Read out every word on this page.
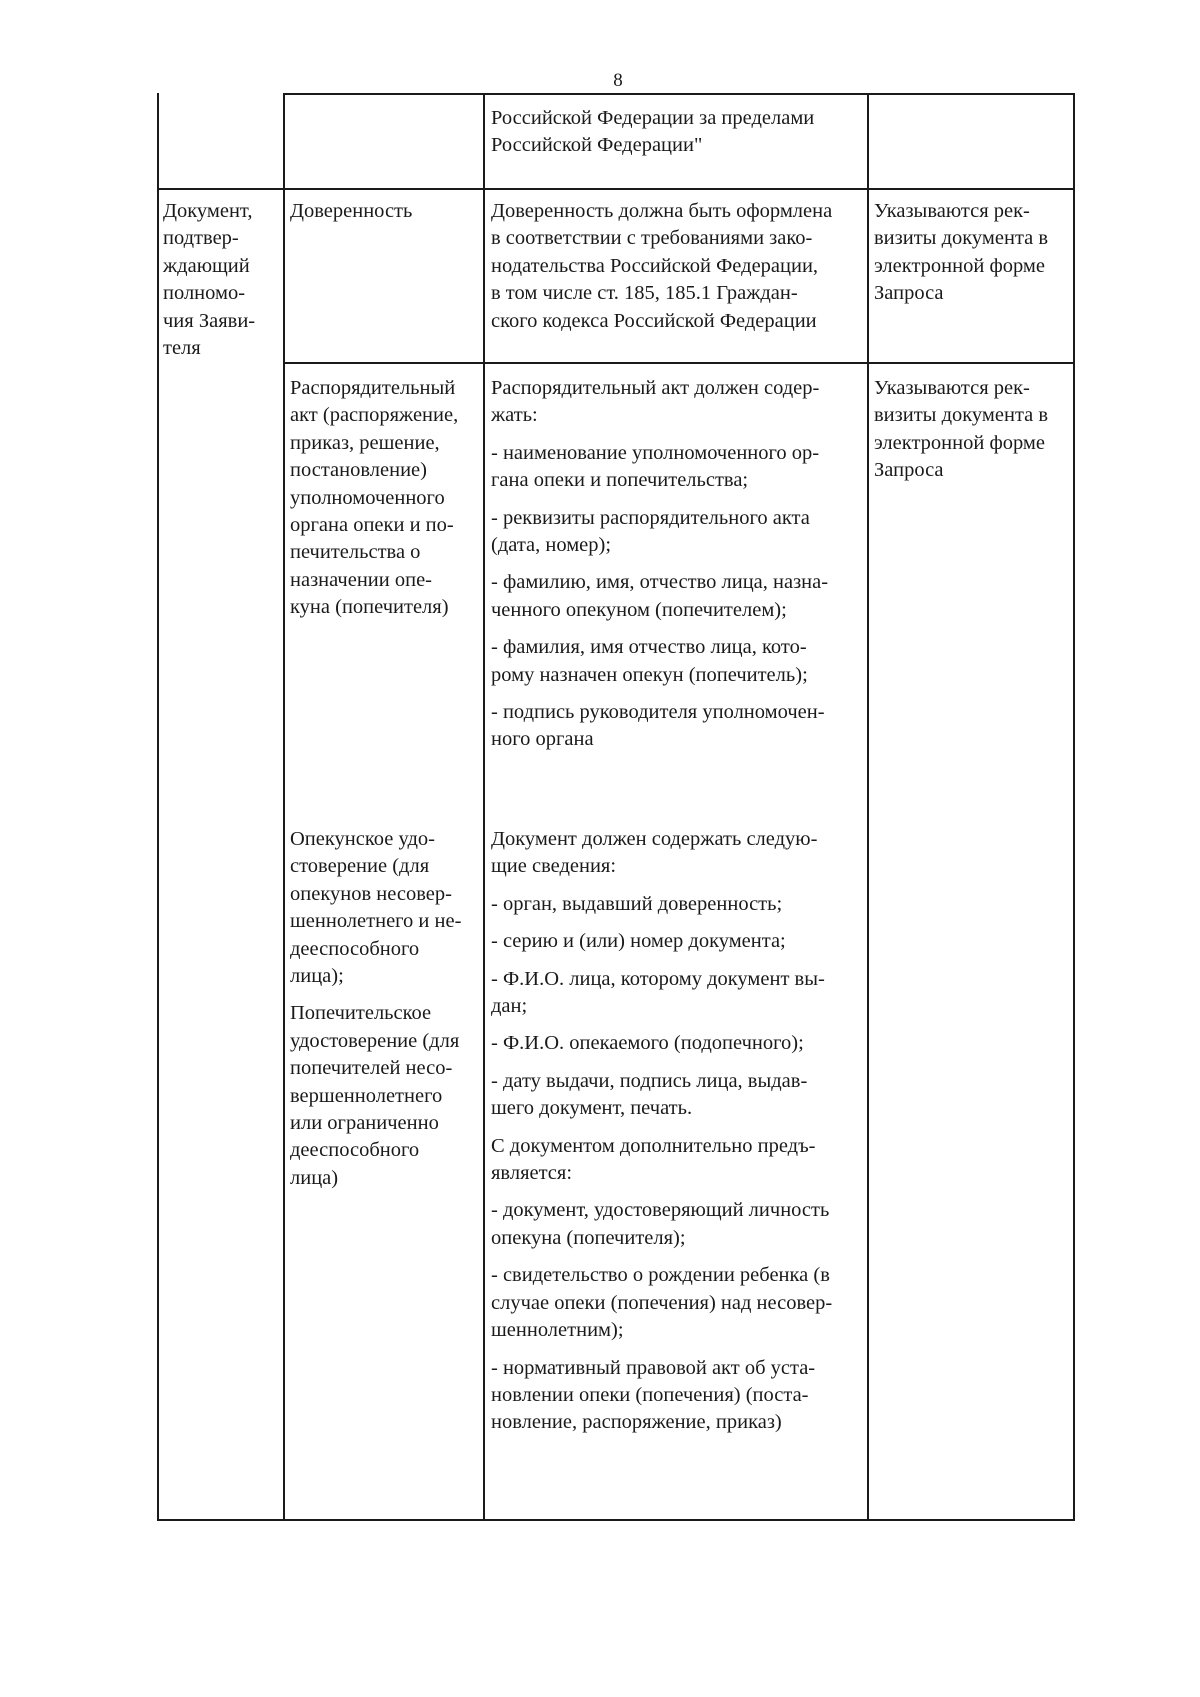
8
Российской Федерации за пределами
Российской Федерации"
Документ,
подтвер-
ждающий
полномо-
чия Заяви-
теля
Доверенность	Доверенность должна быть оформлена
в соответствии с требованиями зако-
нодательства Российской Федерации,
в том числе ст. 185, 185.1 Граждан-
ского кодекса Российской Федерации
Указываются рек-
визиты документа в
электронной форме
Запроса
Распорядительный
акт (распоряжение,
приказ, решение,
постановление)
уполномоченного
органа опеки и по-
печительства о
назначении опе-
куна (попечителя)

Распорядительный акт должен содер-
жать:

- наименование уполномоченного ор-
гана опеки и попечительства;

- реквизиты распорядительного акта
(дата, номер);

- фамилию, имя, отчество лица, назна-
ченного опекуном (попечителем);

- фамилия, имя отчество лица, кото-
рому назначен опекун (попечитель);

- подпись руководителя уполномочен-
ного органа

Указываются рек-
визиты документа в
электронной форме
Запроса

Опекунское удо-
стоверение (для
опекунов несовер-
шеннолетнего и не-
дееспособного
лица);

Попечительское
удостоверение (для
попечителей несо-
вершеннолетнего
или ограниченно
дееспособного
лица)

Документ должен содержать следую-
щие сведения:

- орган, выдавший доверенность;

- серию и (или) номер документа;

- Ф.И.О. лица, которому документ вы-
дан;

- Ф.И.О. опекаемого (подопечного);

- дату выдачи, подпись лица, выдав-
шего документ, печать.

С документом дополнительно предъ-
является:

- документ, удостоверяющий личность
опекуна (попечителя);

- свидетельство о рождении ребенка (в
случае опеки (попечения) над несовер-
шеннолетним);

- нормативный правовой акт об уста-
новлении опеки (попечения) (поста-
новление, распоряжение, приказ)
